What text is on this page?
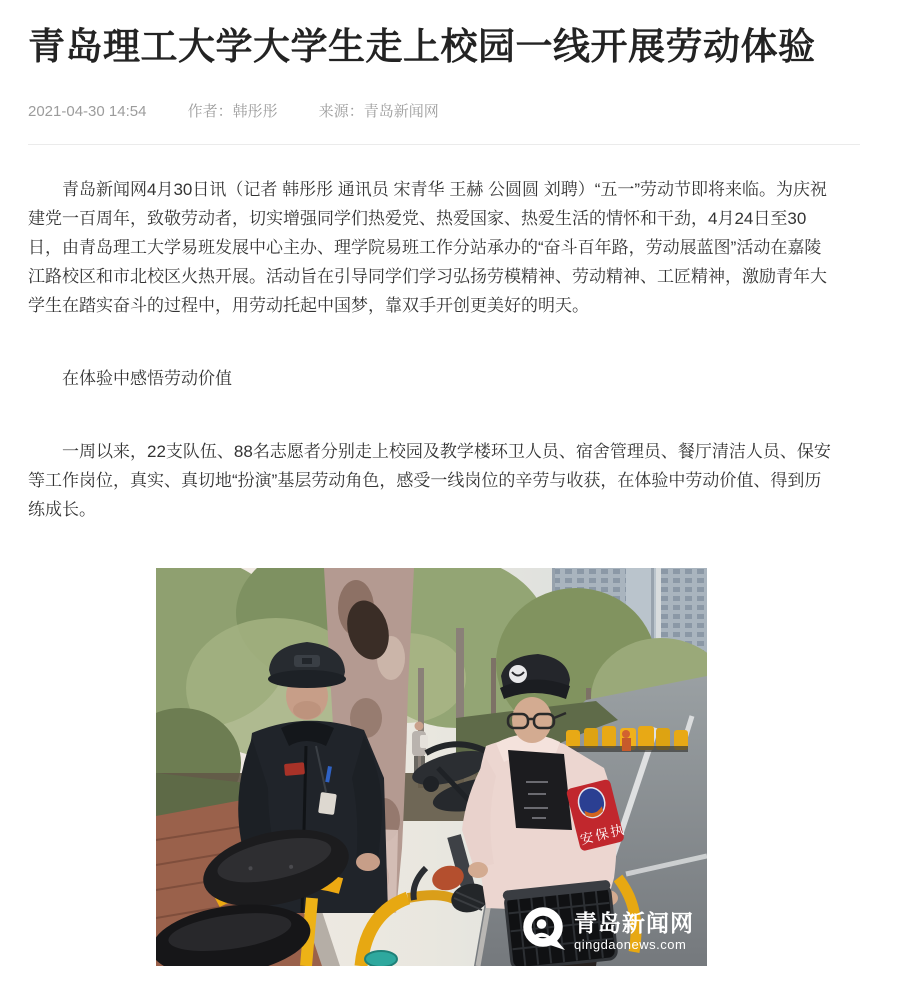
青岛理工大学大学生走上校园一线开展劳动体验
2021-04-30 14:54	作者：韩彤彤	来源：青岛新闻网

青岛新闻网4月30日讯（记者 韩彤彤 通讯员 宋青华 王赫 公圆圆 刘聘）“五一”劳动节即将来临。为庆祝建党一百周年，致敬劳动者，切实增强同学们热爱党、热爱国家、热爱生活的情怀和干劲，4月24日至30日，由青岛理工大学易班发展中心主办、理学院易班工作分站承办的“奋斗百年路，劳动展蓝图”活动在嘉陵江路校区和市北校区火热开展。活动旨在引导同学们学习弘扬劳模精神、劳动精神、工匠精神，激励青年大学生在踏实奋斗的过程中，用劳动托起中国梦，靠双手开创更美好的明天。

在体验中感悟劳动价值

一周以来，22支队伍、88名志愿者分别走上校园及教学楼环卫人员、宿舍管理员、餐厅清洁人员、保安等工作岗位，真实、真切地“扮演”基层劳动角色，感受一线岗位的辛劳与收获，在体验中劳动价值、得到历练成长。

安保执
青岛新闻网
qingdaonews.com
